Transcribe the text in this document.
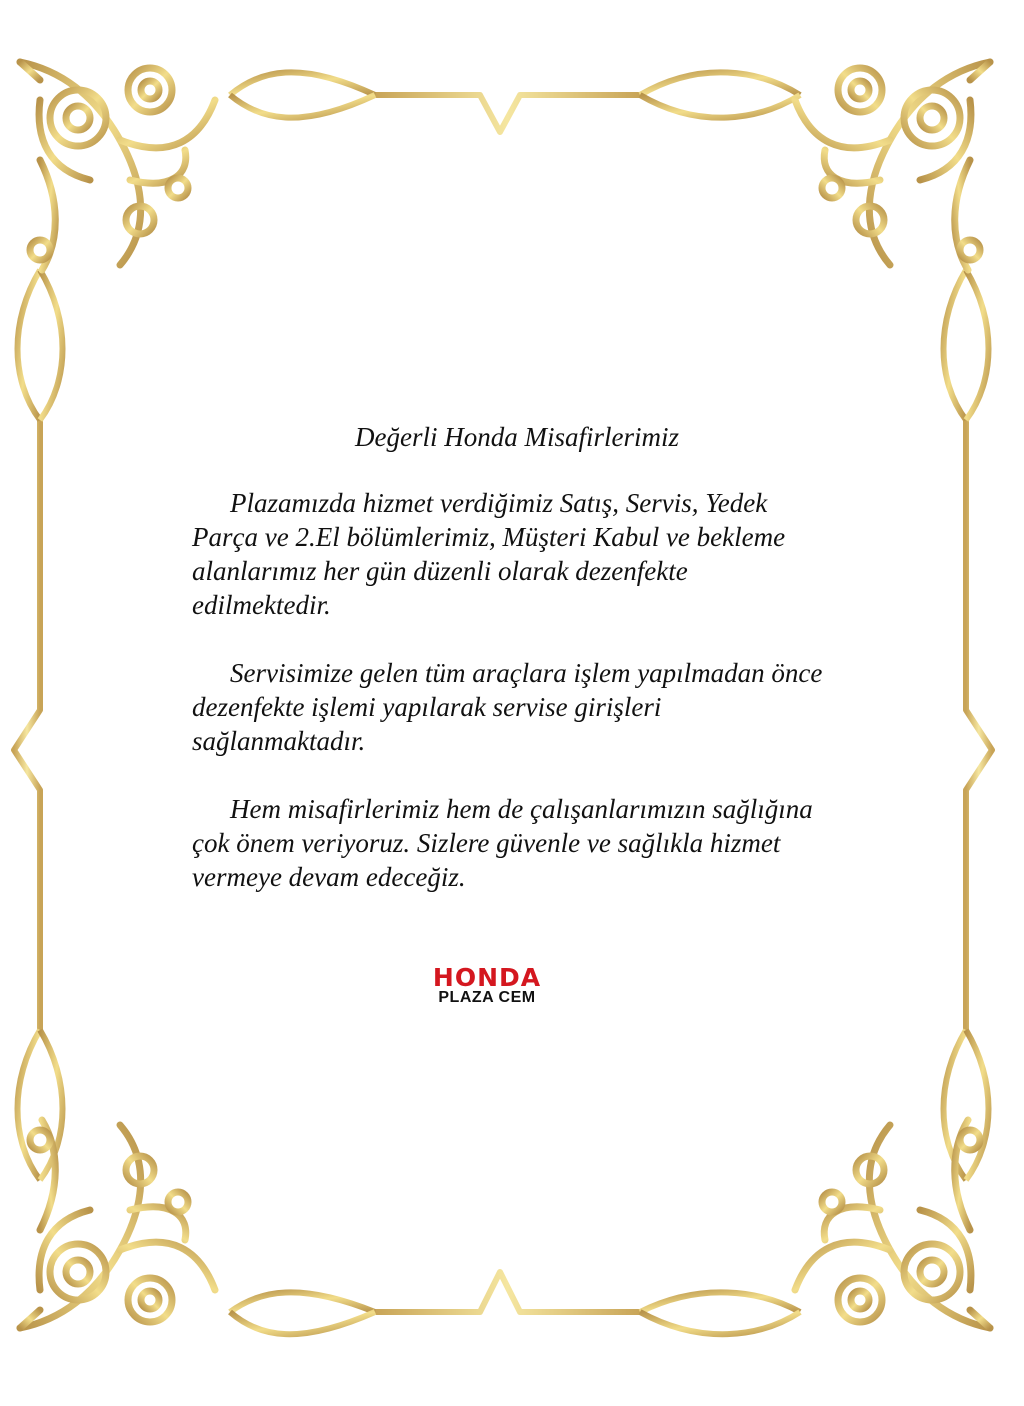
Değerli Honda Misafirlerimiz

Plazamızda hizmet verdiğimiz Satış, Servis, Yedek Parça ve 2.El bölümlerimiz, Müşteri Kabul ve bekleme alanlarımız her gün düzenli olarak dezenfekte edilmektedir.

Servisimize gelen tüm araçlara işlem yapılmadan önce dezenfekte işlemi yapılarak servise girişleri sağlanmaktadır.

Hem misafirlerimiz hem de çalışanlarımızın sağlığına çok önem veriyoruz. Sizlere güvenle ve sağlıkla hizmet vermeye devam edeceğiz.

HONDA
PLAZA CEM
